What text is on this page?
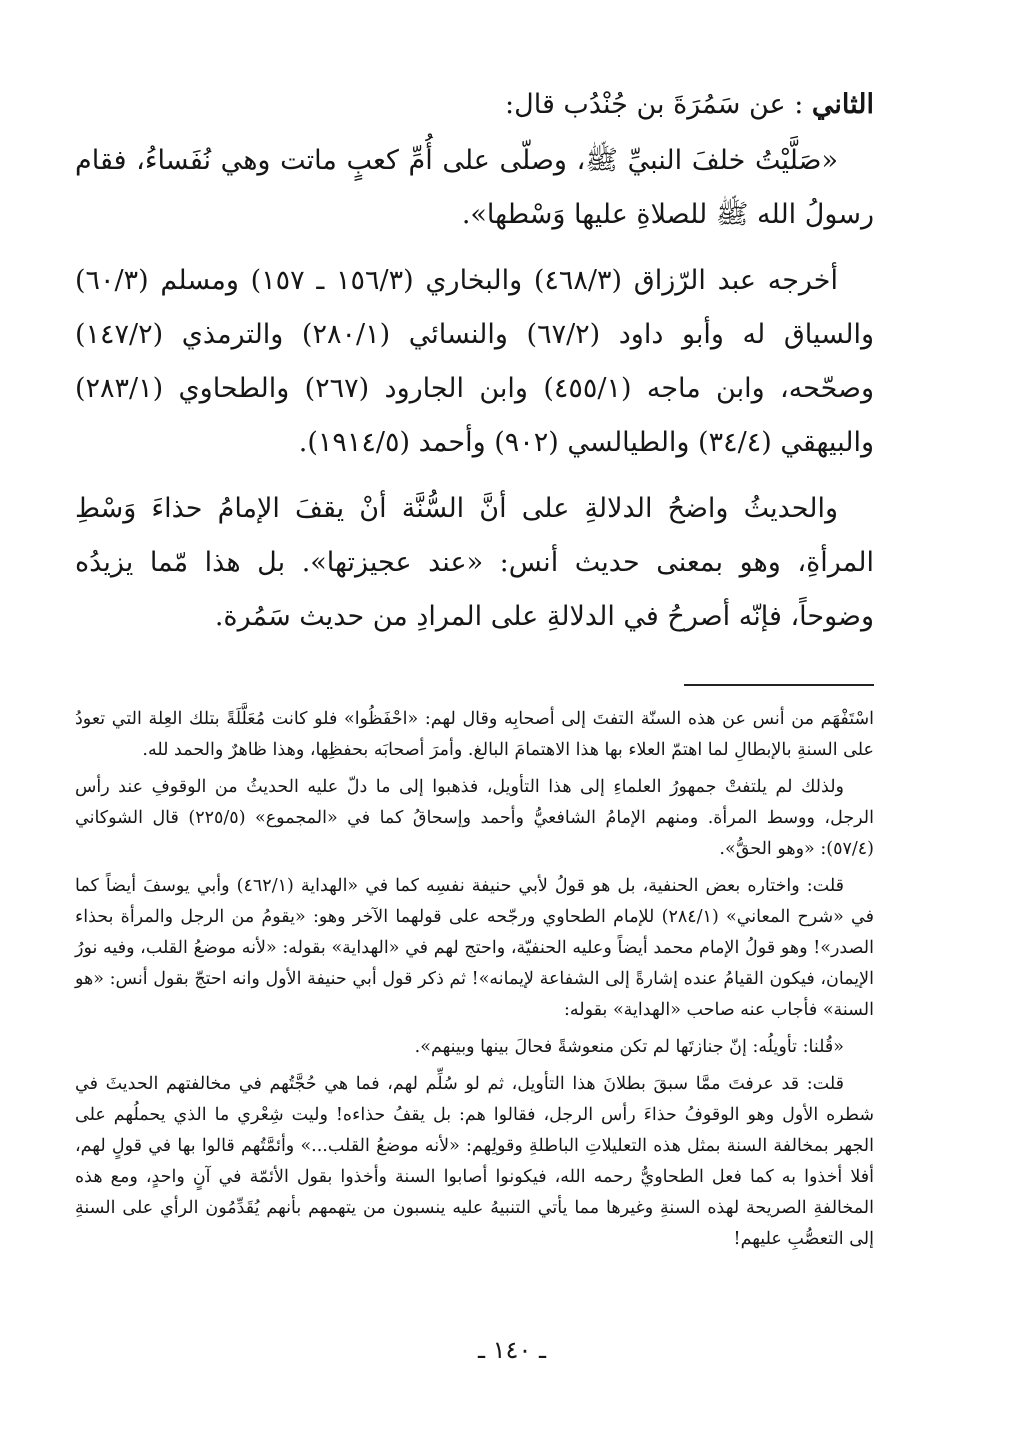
الثاني : عن سَمُرَةَ بن جُنْدُب قال:

«صَلَّيْتُ خلفَ النبيِّ ﷺ، وصلّى على أُمِّ كعبٍ ماتت وهي نُفَساءُ، فقام رسولُ الله ﷺ للصلاةِ عليها وَسْطها».

أخرجه عبد الرّزاق (٤٦٨/٣) والبخاري (١٥٦/٣ ـ ١٥٧) ومسلم (٦٠/٣) والسياق له وأبو داود (٦٧/٢) والنسائي (٢٨٠/١) والترمذي (١٤٧/٢) وصحّحه، وابن ماجه (٤٥٥/١) وابن الجارود (٢٦٧) والطحاوي (٢٨٣/١) والبيهقي (٣٤/٤) والطيالسي (٩٠٢) وأحمد (١٩١٤/٥).

والحديثُ واضحُ الدلالةِ على أنَّ السُّنَّة أنْ يقفَ الإمامُ حذاءَ وَسْطِ المرأةِ، وهو بمعنى حديث أنس: «عند عجيزتها». بل هذا مّما يزيدُه وضوحاً، فإنّه أصرحُ في الدلالةِ على المرادِ من حديث سَمُرة.

اسْتَفْهَم من أنس عن هذه السنّة التفتَ إلى أصحابِه وقال لهم: «احْفَظُوا» فلو كانت مُعَلَّلَةً بتلك العِلة التي تعودُ على السنةِ بالإبطالِ لما اهتمّ العلاء بها هذا الاهتمامَ البالغ. وأمرَ أصحابَه بحفظِها، وهذا ظاهرٌ والحمد لله.

ولذلك لم يلتفتْ جمهورُ العلماءِ إلى هذا التأويل، فذهبوا إلى ما دلّ عليه الحديثُ من الوقوفِ عند رأس الرجل، ووسط المرأة. ومنهم الإمامُ الشافعيُّ وأحمد وإسحاقُ كما في «المجموع» (٢٢٥/٥) قال الشوكاني (٥٧/٤): «وهو الحقُّ».

قلت: واختاره بعض الحنفية، بل هو قولُ لأبي حنيفة نفسِه كما في «الهداية (٤٦٢/١) وأبي يوسفَ أيضاً كما في «شرح المعاني» (٢٨٤/١) للإمام الطحاوي ورجّحه على قولهما الآخر وهو: «يقومُ من الرجل والمرأة بحذاء الصدر»! وهو قولُ الإمام محمد أيضاً وعليه الحنفيّة، واحتج لهم في «الهداية» بقوله: «لأنه موضعُ القلب، وفيه نورُ الإيمان، فيكون القيامُ عنده إشارةً إلى الشفاعة لإيمانه»! ثم ذكر قول أبي حنيفة الأول وانه احتجّ بقول أنس: «هو السنة» فأجاب عنه صاحب «الهداية» بقوله:

«قُلنا: تأويلُه: إنّ جنازتَها لم تكن منعوشةً فحالَ بينها وبينهم».

قلت: قد عرفتَ ممَّا سبقَ بطلانَ هذا التأويل، ثم لو سُلِّم لهم، فما هي حُجَّتُهم في مخالفتهم الحديثَ في شطره الأول وهو الوقوفُ حذاءَ رأس الرجل، فقالوا هم: بل يقفُ حذاءه! وليت شِعْري ما الذي يحملُهم على الجهر بمخالفة السنة بمثل هذه التعليلاتِ الباطلةِ وقولِهم: «لأنه موضعُ القلب...» وأئمَّتُهم قالوا بها في قولٍ لهم، أفلا أخذوا به كما فعل الطحاويُّ رحمه الله، فيكونوا أصابوا السنة وأخذوا بقول الأئمّة في آنٍ واحدٍ، ومع هذه المخالفةِ الصريحة لهذه السنةِ وغيرها مما يأتي التنبيهُ عليه ينسبون من يتهمهم بأنهم يُقَدِّمُون الرأي على السنةِ إلى التعصُّبِ عليهم!

ـ ١٤٠ ـ
